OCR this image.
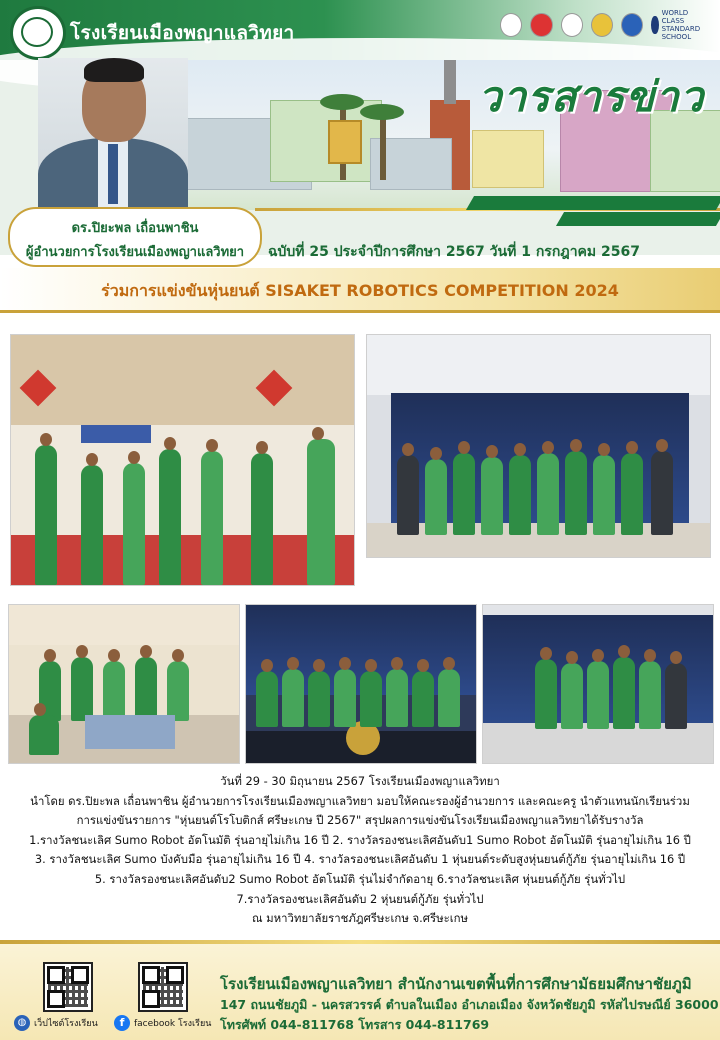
โรงเรียนเมืองพญาแลวิทยา
WORLD CLASS STANDARD SCHOOL
วารสารข่าว
ดร.ปิยะพล เถื่อนพาชิน
ผู้อำนวยการโรงเรียนเมืองพญาแลวิทยา	ฉบับที่ 25 ประจำปีการศึกษา 2567 วันที่ 1 กรกฎาคม 2567
ร่วมการแข่งขันหุ่นยนต์ SISAKET ROBOTICS COMPETITION 2024
วันที่ 29 - 30 มิถุนายน 2567 โรงเรียนเมืองพญาแลวิทยา
นำโดย ดร.ปิยะพล เถื่อนพาชิน ผู้อำนวยการโรงเรียนเมืองพญาแลวิทยา มอบให้คณะรองผู้อำนวยการ และคณะครู นำตัวแทนนักเรียนร่วม
การแข่งขันรายการ "หุ่นยนต์โรโบติกส์ ศรีษะเกษ ปี 2567" สรุปผลการแข่งขันโรงเรียนเมืองพญาแลวิทยาได้รับรางวัล
1.รางวัลชนะเลิศ Sumo Robot อัตโนมัติ รุ่นอายุไม่เกิน 16 ปี 2. รางวัลรองชนะเลิศอันดับ1 Sumo Robot อัตโนมัติ รุ่นอายุไม่เกิน 16 ปี
3. รางวัลชนะเลิศ Sumo บังคับมือ รุ่นอายุไม่เกิน 16 ปี 4. รางวัลรองชนะเลิศอันดับ 1 หุ่นยนต์ระดับสูงหุ่นยนต์กู้ภัย รุ่นอายุไม่เกิน 16 ปี
5. รางวัลรองชนะเลิศอันดับ2 Sumo Robot อัตโนมัติ รุ่นไม่จำกัดอายุ 6.รางวัลชนะเลิศ หุ่นยนต์กู้ภัย รุ่นทั่วไป
7.รางวัลรองชนะเลิศอันดับ 2 หุ่นยนต์กู้ภัย รุ่นทั่วไป
ณ มหาวิทยาลัยราชภัฎศรีษะเกษ จ.ศรีษะเกษ
◍ เว็ปไซต์โรงเรียน	f	facebook โรงเรียน
โรงเรียนเมืองพญาแลวิทยา สำนักงานเขตพื้นที่การศึกษามัธยมศึกษาชัยภูมิ
147 ถนนชัยภูมิ - นครสวรรค์ ตำบลในเมือง อำเภอเมือง จังหวัดชัยภูมิ รหัสไปรษณีย์ 36000
โทรศัพท์ 044-811768 โทรสาร 044-811769
